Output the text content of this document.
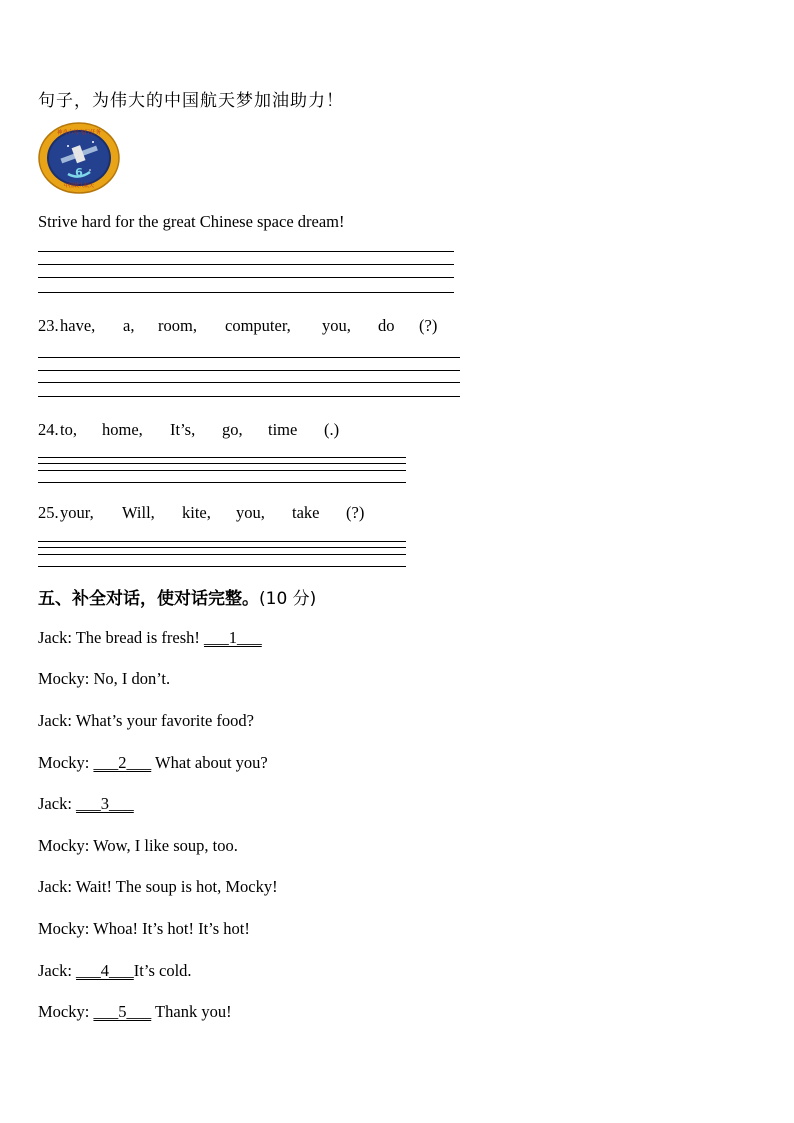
句子，为伟大的中国航天梦加油助力！
6
神舟六号飞行任务
中国载人航天
Strive hard for the great Chinese space dream!
23. have, a, room, computer, you, do (?)
24. to, home, It’s, go, time (.)
25. your, Will, kite, you, take (?)
五、补全对话，使对话完整。(10 分)
Jack: The bread is fresh! ___1___
Mocky: No, I don’t.
Jack: What’s your favorite food?
Mocky: ___2___ What about you?
Jack: ___3___
Mocky: Wow, I like soup, too.
Jack: Wait! The soup is hot, Mocky!
Mocky: Whoa! It’s hot! It’s hot!
Jack: ___4___It’s cold.
Mocky: ___5___ Thank you!
